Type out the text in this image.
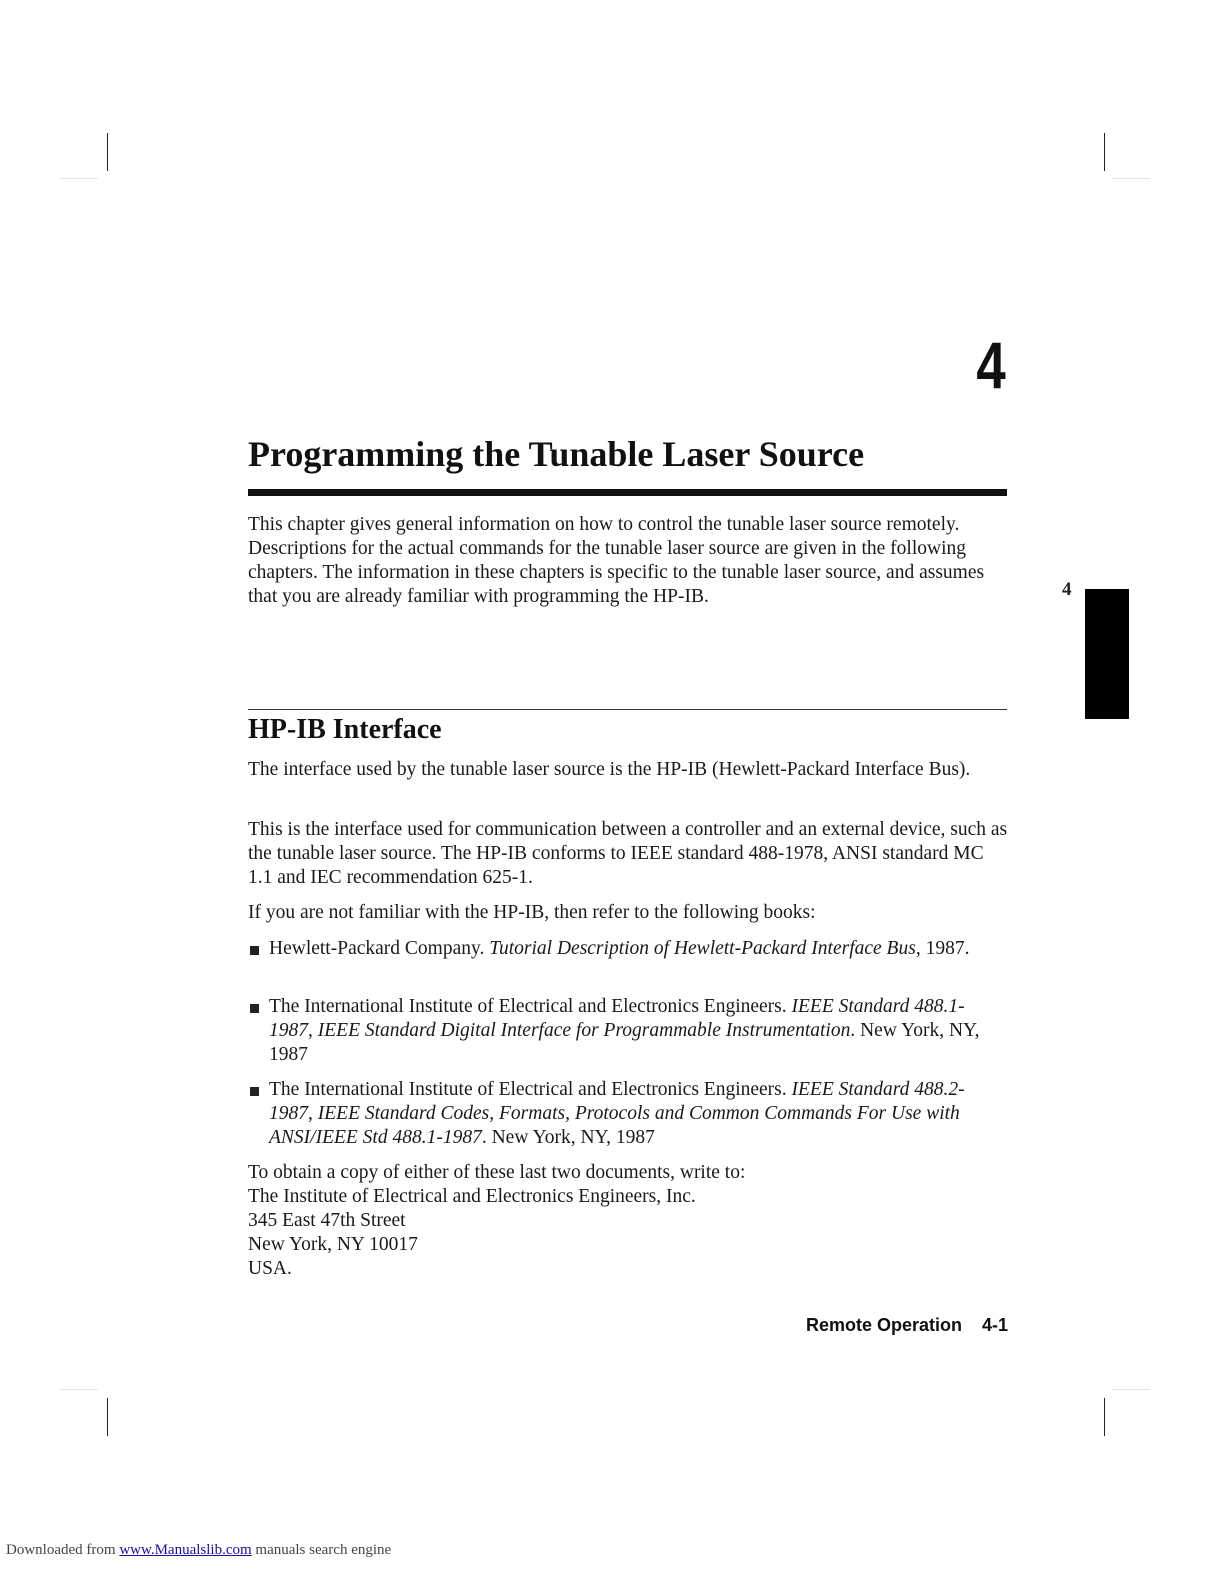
4
Programming the Tunable Laser Source
This chapter gives general information on how to control the tunable laser source remotely. Descriptions for the actual commands for the tunable laser source are given in the following chapters. The information in these chapters is specific to the tunable laser source, and assumes that you are already familiar with programming the HP-IB.	4
HP-IB Interface
The interface used by the tunable laser source is the HP-IB (Hewlett-Packard Interface Bus).
This is the interface used for communication between a controller and an external device, such as the tunable laser source. The HP-IB conforms to IEEE standard 488-1978, ANSI standard MC 1.1 and IEC recommendation 625-1.
If you are not familiar with the HP-IB, then refer to the following books:
Hewlett-Packard Company. Tutorial Description of Hewlett-Packard Interface Bus, 1987.
The International Institute of Electrical and Electronics Engineers. IEEE Standard 488.1-1987, IEEE Standard Digital Interface for Programmable Instrumentation. New York, NY, 1987
The International Institute of Electrical and Electronics Engineers. IEEE Standard 488.2-1987, IEEE Standard Codes, Formats, Protocols and Common Commands For Use with ANSI/IEEE Std 488.1-1987. New York, NY, 1987
To obtain a copy of either of these last two documents, write to:
The Institute of Electrical and Electronics Engineers, Inc.
345 East 47th Street
New York, NY 10017
USA.
Remote Operation 4-1
Downloaded from www.Manualslib.com manuals search engine
